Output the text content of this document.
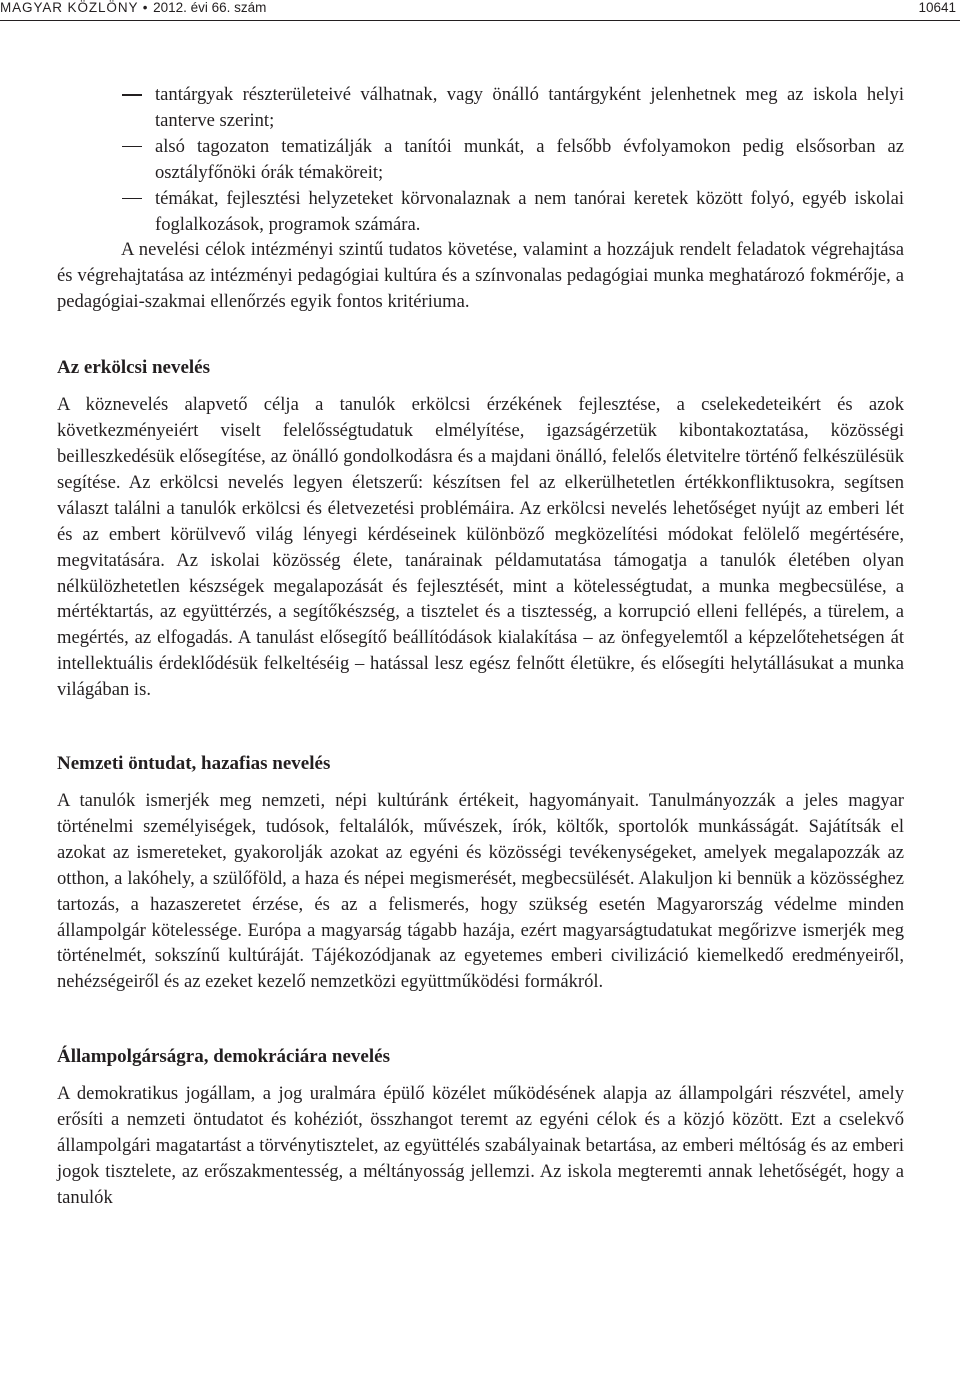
MAGYAR KÖZLÖNY • 2012. évi 66. szám	10641
tantárgyak részterületeivé válhatnak, vagy önálló tantárgyként jelenhetnek meg az iskola helyi tanterve szerint;
alsó tagozaton tematizálják a tanítói munkát, a felsőbb évfolyamokon pedig elsősorban az osztályfőnöki órák témaköreit;
témákat, fejlesztési helyzeteket körvonalaznak a nem tanórai keretek között folyó, egyéb iskolai foglalkozások, programok számára.

A nevelési célok intézményi szintű tudatos követése, valamint a hozzájuk rendelt feladatok végrehajtása és végrehajtatása az intézményi pedagógiai kultúra és a színvonalas pedagógiai munka meghatározó fokmérője, a pedagógiai-szakmai ellenőrzés egyik fontos kritériuma.

Az erkölcsi nevelés

A köznevelés alapvető célja a tanulók erkölcsi érzékének fejlesztése, a cselekedeteikért és azok következményeiért viselt felelősségtudatuk elmélyítése, igazságérzetük kibontakoztatása, közösségi beilleszkedésük elősegítése, az önálló gondolkodásra és a majdani önálló, felelős életvitelre történő felkészülésük segítése. Az erkölcsi nevelés legyen életszerű: készítsen fel az elkerülhetetlen értékkonfliktusokra, segítsen választ találni a tanulók erkölcsi és életvezetési problémáira. Az erkölcsi nevelés lehetőséget nyújt az emberi lét és az embert körülvevő világ lényegi kérdéseinek különböző megközelítési módokat felölelő megértésére, megvitatására. Az iskolai közösség élete, tanárainak példamutatása támogatja a tanulók életében olyan nélkülözhetetlen készségek megalapozását és fejlesztését, mint a kötelességtudat, a munka megbecsülése, a mértéktartás, az együttérzés, a segítőkészség, a tisztelet és a tisztesség, a korrupció elleni fellépés, a türelem, a megértés, az elfogadás. A tanulást elősegítő beállítódások kialakítása – az önfegyelemtől a képzelőtehetségen át intellektuális érdeklődésük felkeltéséig – hatással lesz egész felnőtt életükre, és elősegíti helytállásukat a munka világában is.

Nemzeti öntudat, hazafias nevelés

A tanulók ismerjék meg nemzeti, népi kultúránk értékeit, hagyományait. Tanulmányozzák a jeles magyar történelmi személyiségek, tudósok, feltalálók, művészek, írók, költők, sportolók munkásságát. Sajátítsák el azokat az ismereteket, gyakorolják azokat az egyéni és közösségi tevékenységeket, amelyek megalapozzák az otthon, a lakóhely, a szülőföld, a haza és népei megismerését, megbecsülését. Alakuljon ki bennük a közösséghez tartozás, a hazaszeretet érzése, és az a felismerés, hogy szükség esetén Magyarország védelme minden állampolgár kötelessége. Európa a magyarság tágabb hazája, ezért magyarságtudatukat megőrizve ismerjék meg történelmét, sokszínű kultúráját. Tájékozódjanak az egyetemes emberi civilizáció kiemelkedő eredményeiről, nehézségeiről és az ezeket kezelő nemzetközi együttműködési formákról.

Állampolgárságra, demokráciára nevelés

A demokratikus jogállam, a jog uralmára épülő közélet működésének alapja az állampolgári részvétel, amely erősíti a nemzeti öntudatot és kohéziót, összhangot teremt az egyéni célok és a közjó között. Ezt a cselekvő állampolgári magatartást a törvénytisztelet, az együttélés szabályainak betartása, az emberi méltóság és az emberi jogok tisztelete, az erőszakmentesség, a méltányosság jellemzi. Az iskola megteremti annak lehetőségét, hogy a tanulók
